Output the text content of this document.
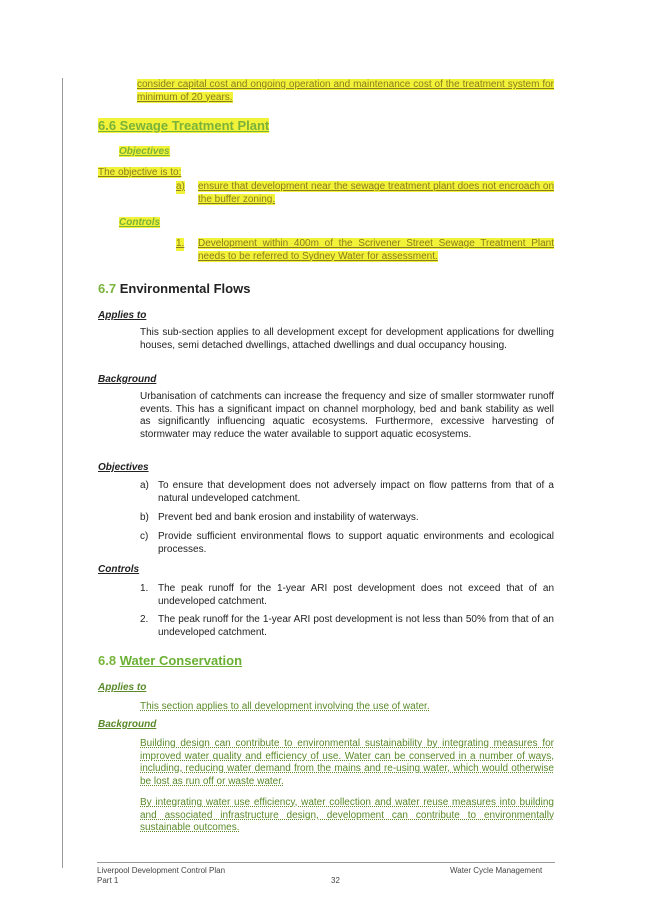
consider capital cost and ongoing operation and maintenance cost of the treatment system for minimum of 20 years.
6.6 Sewage Treatment Plant
Objectives
The objective is to:
a) ensure that development near the sewage treatment plant does not encroach on the buffer zoning.
Controls
1. Development within 400m of the Scrivener Street Sewage Treatment Plant needs to be referred to Sydney Water for assessment.
6.7 Environmental Flows
Applies to
This sub-section applies to all development except for development applications for dwelling houses, semi detached dwellings, attached dwellings and dual occupancy housing.
Background
Urbanisation of catchments can increase the frequency and size of smaller stormwater runoff events. This has a significant impact on channel morphology, bed and bank stability as well as significantly influencing aquatic ecosystems. Furthermore, excessive harvesting of stormwater may reduce the water available to support aquatic ecosystems.
Objectives
a) To ensure that development does not adversely impact on flow patterns from that of a natural undeveloped catchment.
b) Prevent bed and bank erosion and instability of waterways.
c) Provide sufficient environmental flows to support aquatic environments and ecological processes.
Controls
1. The peak runoff for the 1-year ARI post development does not exceed that of an undeveloped catchment.
2. The peak runoff for the 1-year ARI post development is not less than 50% from that of an undeveloped catchment.
6.8 Water Conservation
Applies to
This section applies to all development involving the use of water.
Background
Building design can contribute to environmental sustainability by integrating measures for improved water quality and efficiency of use. Water can be conserved in a number of ways, including, reducing water demand from the mains and re-using water, which would otherwise be lost as run off or waste water.
By integrating water use efficiency, water collection and water reuse measures into building and associated infrastructure design, development can contribute to environmentally sustainable outcomes.
Liverpool Development Control Plan
Part 1	32
Water Cycle Management
